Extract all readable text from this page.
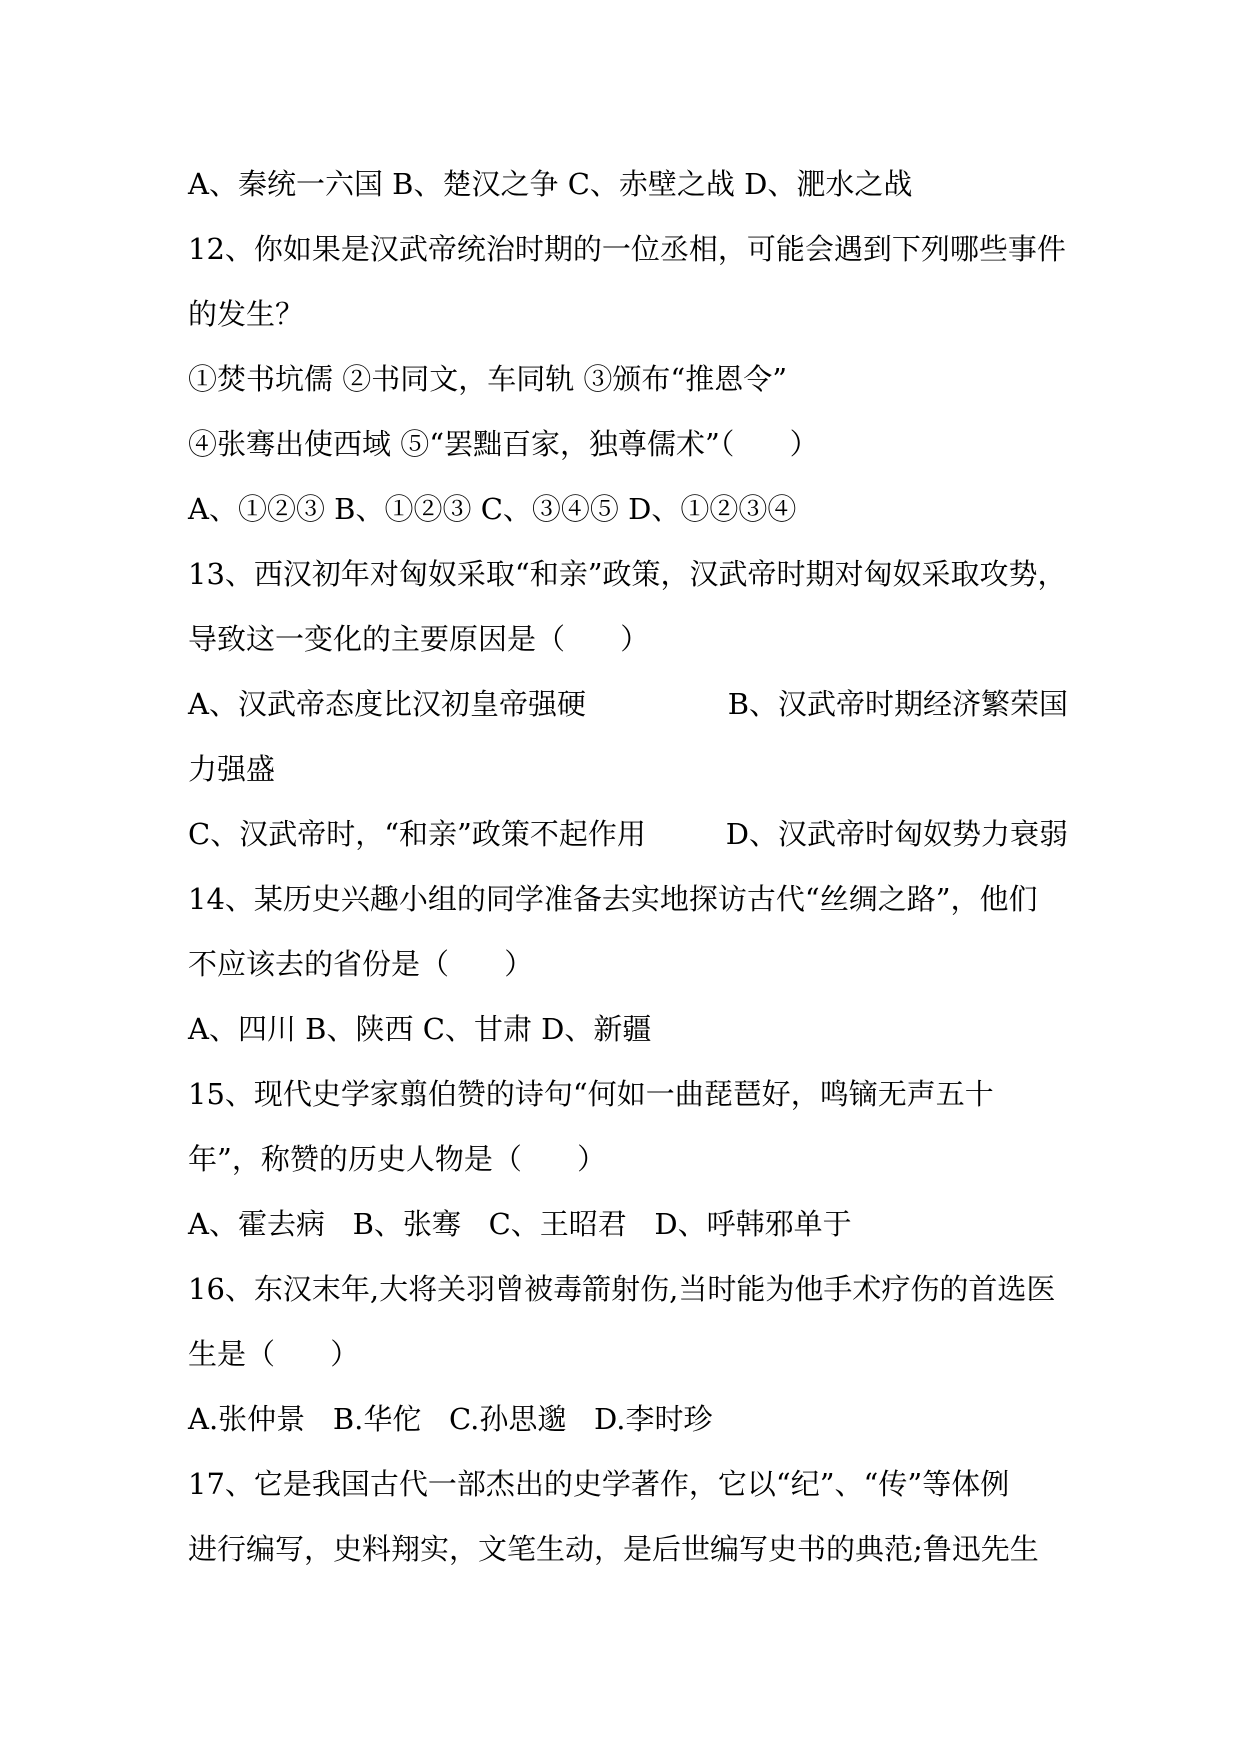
A、秦统一六国 B、楚汉之争 C、赤壁之战 D、淝水之战
12、你如果是汉武帝统治时期的一位丞相，可能会遇到下列哪些事件
的发生？
①焚书坑儒 ②书同文，车同轨 ③颁布“推恩令”
④张骞出使西域 ⑤“罢黜百家，独尊儒术”（      ）
A、①②③ B、①②③ C、③④⑤ D、①②③④
13、西汉初年对匈奴采取“和亲”政策，汉武帝时期对匈奴采取攻势，
导致这一变化的主要原因是（      ）
A、汉武帝态度比汉初皇帝强硬	B、汉武帝时期经济繁荣国
力强盛
C、汉武帝时，“和亲”政策不起作用	D、汉武帝时匈奴势力衰弱
14、某历史兴趣小组的同学准备去实地探访古代“丝绸之路”，他们
不应该去的省份是（      ）
A、四川 B、陕西 C、甘肃 D、新疆
15、现代史学家翦伯赞的诗句“何如一曲琵琶好，鸣镝无声五十
年”，称赞的历史人物是（      ）
A、霍去病   B、张骞   C、王昭君   D、呼韩邪单于
16、东汉末年,大将关羽曾被毒箭射伤,当时能为他手术疗伤的首选医
生是（      ）
A.张仲景   B.华佗   C.孙思邈   D.李时珍
17、它是我国古代一部杰出的史学著作，它以“纪”、“传”等体例
进行编写，史料翔实，文笔生动，是后世编写史书的典范;鲁迅先生
